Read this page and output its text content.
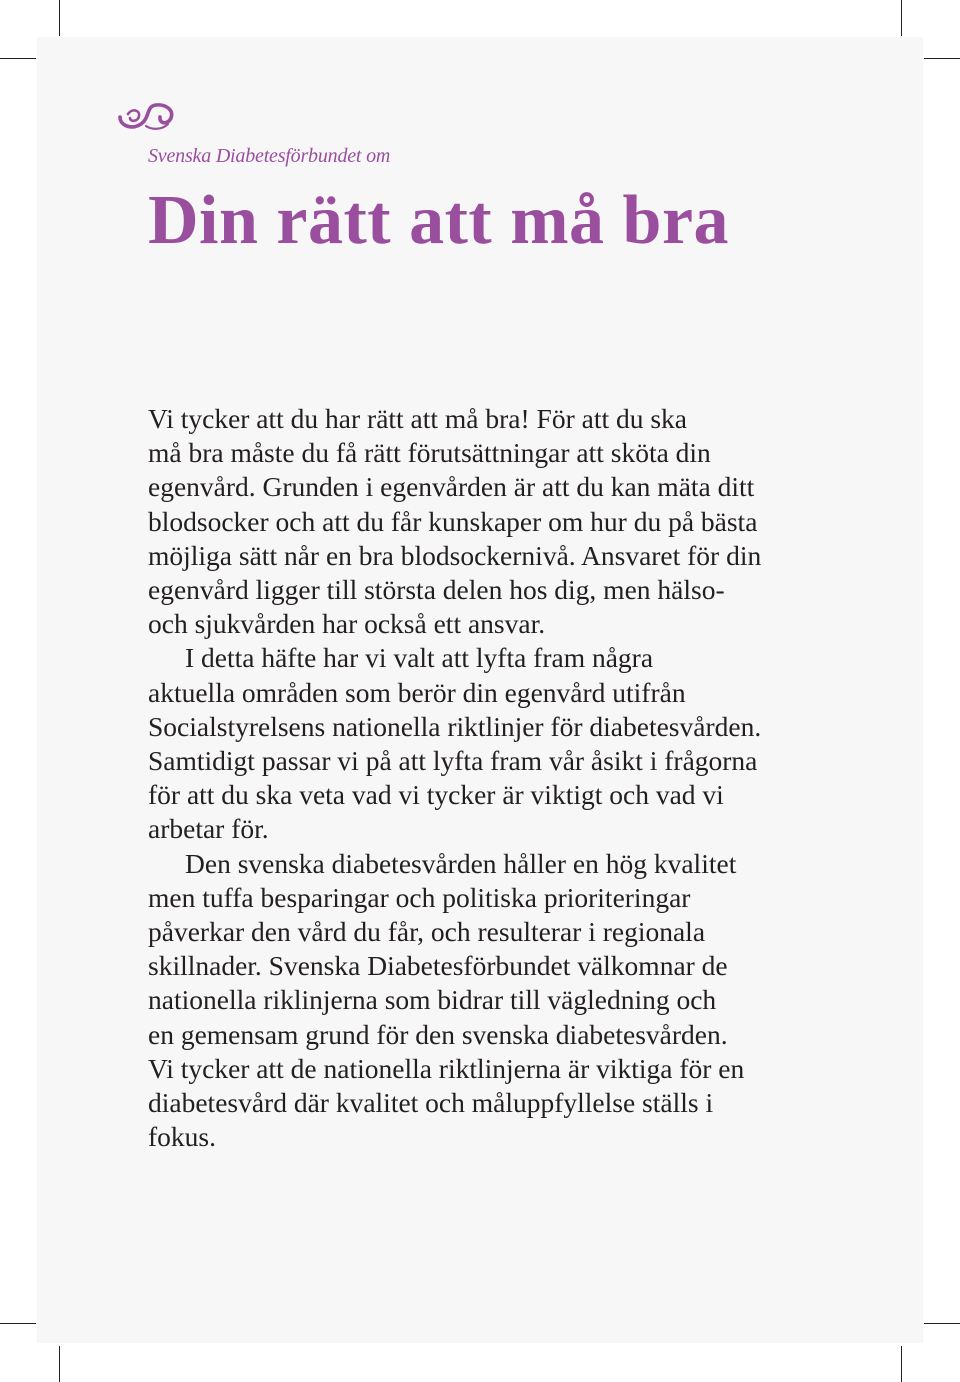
Svenska Diabetesförbundet om
Din rätt att må bra

Vi tycker att du har rätt att må bra! För att du ska
må bra måste du få rätt förutsättningar att sköta din
egenvård. Grunden i egenvården är att du kan mäta ditt
blodsocker och att du får kunskaper om hur du på bästa
möjliga sätt når en bra blodsockernivå. Ansvaret för din
egenvård ligger till största delen hos dig, men hälso-
och sjukvården har också ett ansvar.

I detta häfte har vi valt att lyfta fram några
aktuella områden som berör din egenvård utifrån
Socialstyrelsens nationella riktlinjer för diabetesvården.
Samtidigt passar vi på att lyfta fram vår åsikt i frågorna
för att du ska veta vad vi tycker är viktigt och vad vi
arbetar för.

Den svenska diabetesvården håller en hög kvalitet
men tuffa besparingar och politiska prioriteringar
påverkar den vård du får, och resulterar i regionala
skillnader. Svenska Diabetesförbundet välkomnar de
nationella riklinjerna som bidrar till vägledning och
en gemensam grund för den svenska diabetesvården.
Vi tycker att de nationella riktlinjerna är viktiga för en
diabetesvård där kvalitet och måluppfyllelse ställs i
fokus.
